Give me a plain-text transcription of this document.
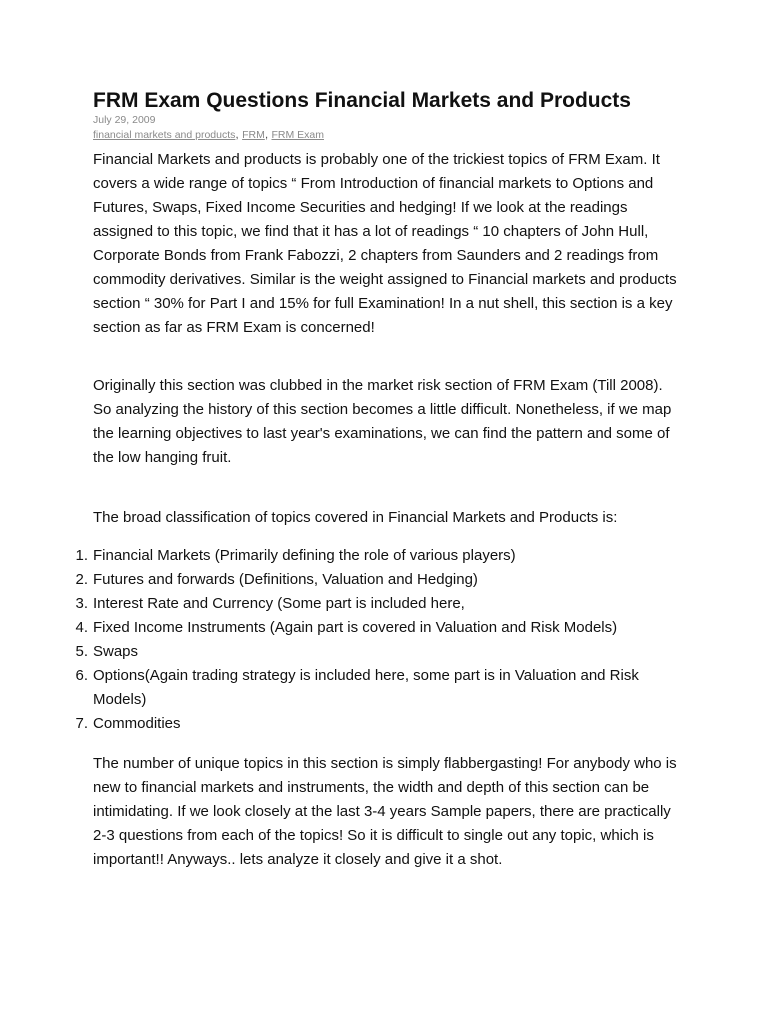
FRM Exam Questions Financial Markets and Products
July 29, 2009
financial markets and products, FRM, FRM Exam

Financial Markets and products is probably one of the trickiest topics of FRM Exam. It covers a wide range of topics “ From Introduction of financial markets to Options and Futures, Swaps, Fixed Income Securities and hedging! If we look at the readings assigned to this topic, we find that it has a lot of readings “ 10 chapters of John Hull, Corporate Bonds from Frank Fabozzi, 2 chapters from Saunders and 2 readings from commodity derivatives. Similar is the weight assigned to Financial markets and products section “ 30% for Part I and 15% for full Examination! In a nut shell, this section is a key section as far as FRM Exam is concerned!

Originally this section was clubbed in the market risk section of FRM Exam (Till 2008). So analyzing the history of this section becomes a little difficult. Nonetheless, if we map the learning objectives to last year's examinations, we can find the pattern and some of the low hanging fruit.

The broad classification of topics covered in Financial Markets and Products is:

1. Financial Markets (Primarily defining the role of various players)
2. Futures and forwards (Definitions, Valuation and Hedging)
3. Interest Rate and Currency (Some part is included here,
4. Fixed Income Instruments (Again part is covered in Valuation and Risk Models)
5. Swaps
6. Options(Again trading strategy is included here, some part is in Valuation and Risk Models)
7. Commodities

The number of unique topics in this section is simply flabbergasting! For anybody who is new to financial markets and instruments, the width and depth of this section can be intimidating. If we look closely at the last 3-4 years Sample papers, there are practically 2-3 questions from each of the topics! So it is difficult to single out any topic, which is important!! Anyways.. lets analyze it closely and give it a shot.
